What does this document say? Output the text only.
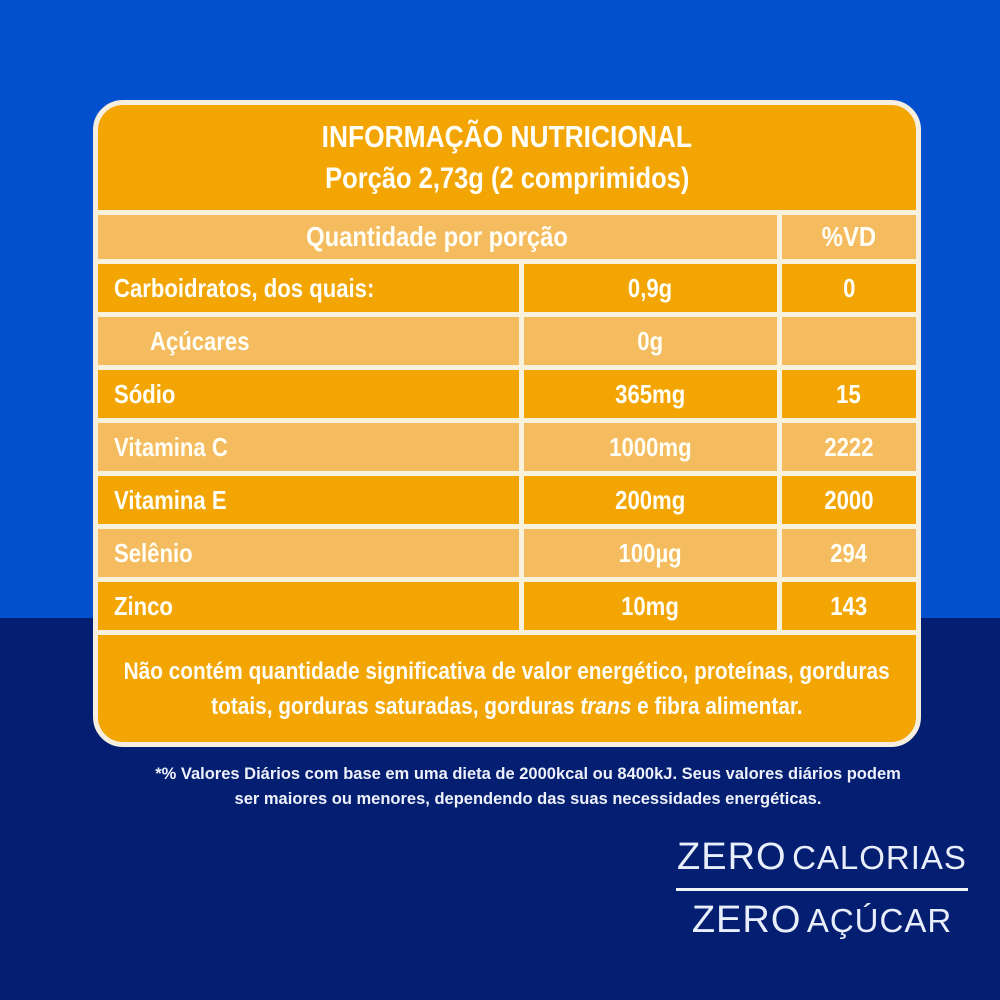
INFORMAÇÃO NUTRICIONAL
Porção 2,73g (2 comprimidos)
Quantidade por porção	%VD
Carboidratos, dos quais:	0,9g	0
Açúcares	0g
Sódio	365mg	15
Vitamina C	1000mg	2222
Vitamina E	200mg	2000
Selênio	100µg	294
Zinco	10mg	143
Não contém quantidade significativa de valor energético, proteínas, gorduras
totais, gorduras saturadas, gorduras trans e fibra alimentar.
*% Valores Diários com base em uma dieta de 2000kcal ou 8400kJ. Seus valores diários podem
ser maiores ou menores, dependendo das suas necessidades energéticas.
ZERO CALORIAS
ZERO AÇÚCAR
